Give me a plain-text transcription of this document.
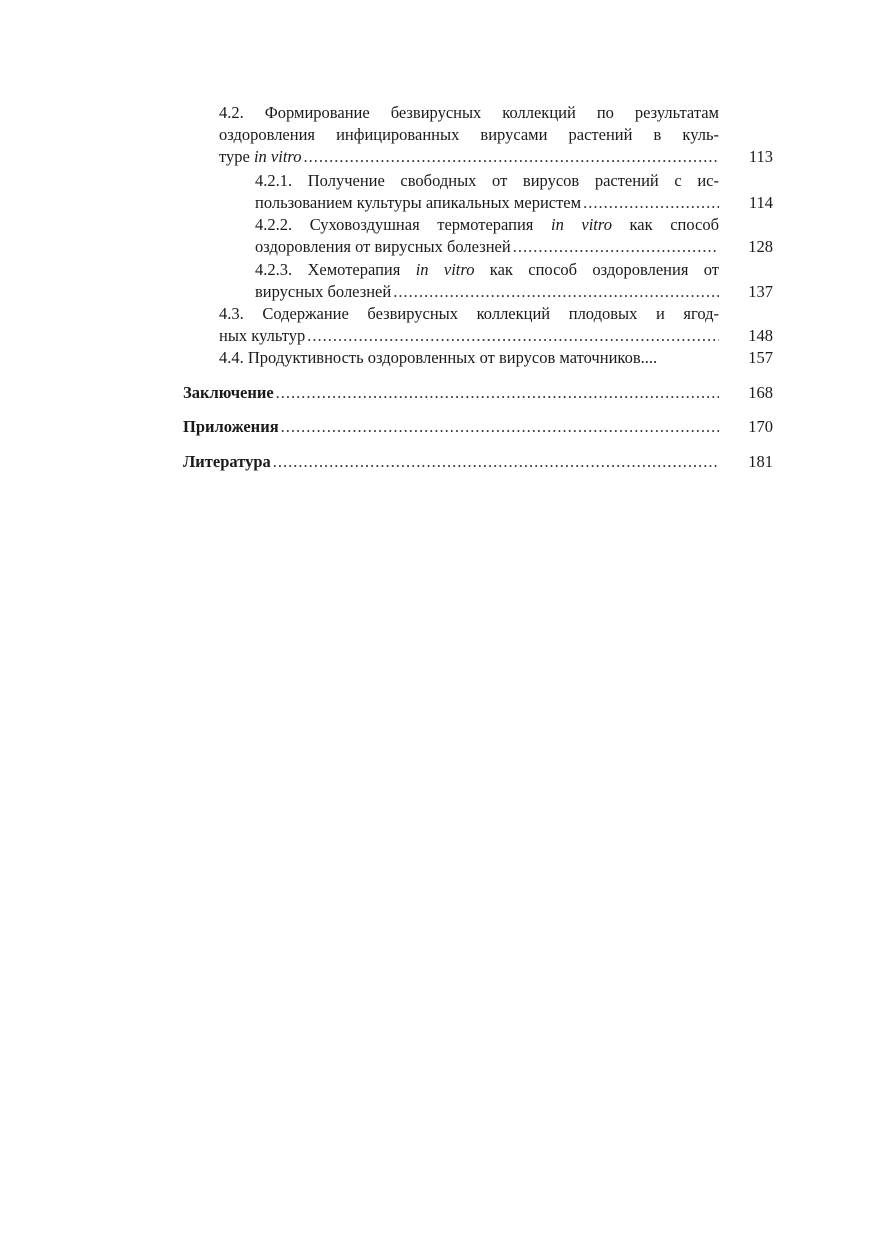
4.2. Формирование безвирусных коллекций по результатам
оздоровления инфицированных вирусами растений в куль-
туре in vitro .....	113
4.2.1. Получение свободных от вирусов растений с ис-
пользованием культуры апикальных меристем .....	114
4.2.2. Суховоздушная термотерапия in vitro как способ
оздоровления от вирусных болезней .....	128
4.2.3. Хемотерапия in vitro как способ оздоровления от
вирусных болезней .....	137
4.3. Содержание безвирусных коллекций плодовых и ягод-
ных культур .....	148
4.4. Продуктивность оздоровленных от вирусов маточников....	157
Заключение .....	168
Приложения .....	170
Литература .....	181
